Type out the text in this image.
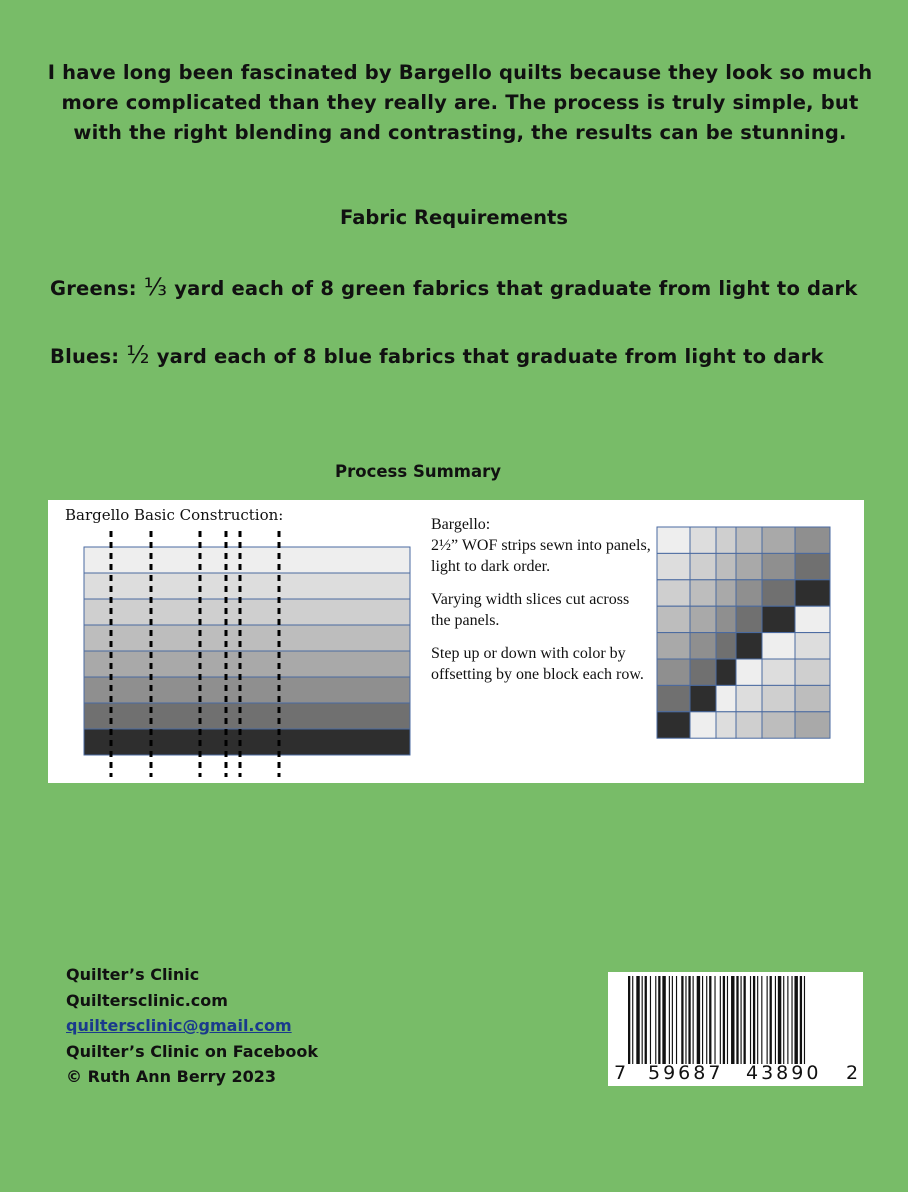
I have long been fascinated by Bargello quilts because they look so much more complicated than they really are. The process is truly simple, but with the right blending and contrasting, the results can be stunning.
Fabric Requirements
Greens: ⅓ yard each of 8 green fabrics that graduate from light to dark
Blues: ½ yard each of 8 blue fabrics that graduate from light to dark
Process Summary
Bargello Basic Construction:

Bargello:

2½” WOF strips sewn into panels, light to dark order.

Varying width slices cut across the panels.

Step up or down with color by offsetting by one block each row.

Quilter’s Clinic
Quiltersclinic.com
quiltersclinic@gmail.com
Quilter’s Clinic on Facebook
© Ruth Ann Berry 2023	7 59687 43890 2
